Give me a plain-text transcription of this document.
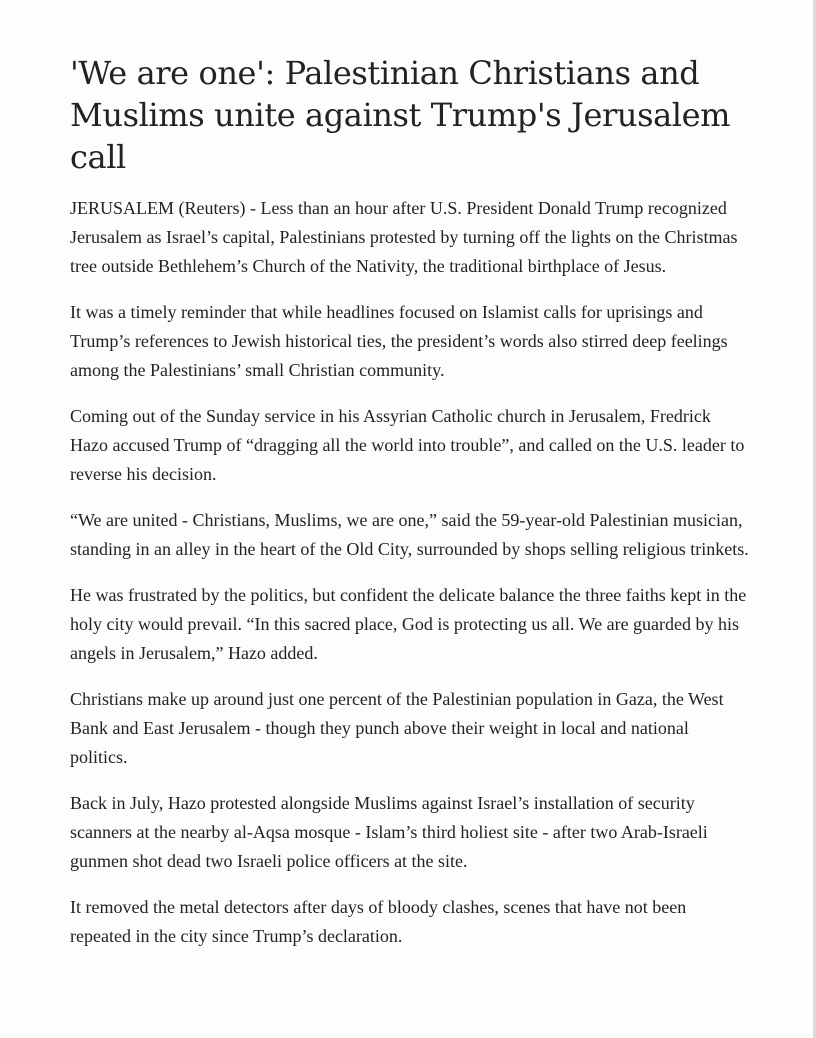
'We are one': Palestinian Christians and Muslims unite against Trump's Jerusalem call

JERUSALEM (Reuters) - Less than an hour after U.S. President Donald Trump recognized Jerusalem as Israel’s capital, Palestinians protested by turning off the lights on the Christmas tree outside Bethlehem’s Church of the Nativity, the traditional birthplace of Jesus.

It was a timely reminder that while headlines focused on Islamist calls for uprisings and Trump’s references to Jewish historical ties, the president’s words also stirred deep feelings among the Palestinians’ small Christian community.

Coming out of the Sunday service in his Assyrian Catholic church in Jerusalem, Fredrick Hazo accused Trump of “dragging all the world into trouble”, and called on the U.S. leader to reverse his decision.

“We are united - Christians, Muslims, we are one,” said the 59-year-old Palestinian musician, standing in an alley in the heart of the Old City, surrounded by shops selling religious trinkets.

He was frustrated by the politics, but confident the delicate balance the three faiths kept in the holy city would prevail. “In this sacred place, God is protecting us all. We are guarded by his angels in Jerusalem,” Hazo added.

Christians make up around just one percent of the Palestinian population in Gaza, the West Bank and East Jerusalem - though they punch above their weight in local and national politics.

Back in July, Hazo protested alongside Muslims against Israel’s installation of security scanners at the nearby al-Aqsa mosque - Islam’s third holiest site - after two Arab-Israeli gunmen shot dead two Israeli police officers at the site.

It removed the metal detectors after days of bloody clashes, scenes that have not been repeated in the city since Trump’s declaration.
